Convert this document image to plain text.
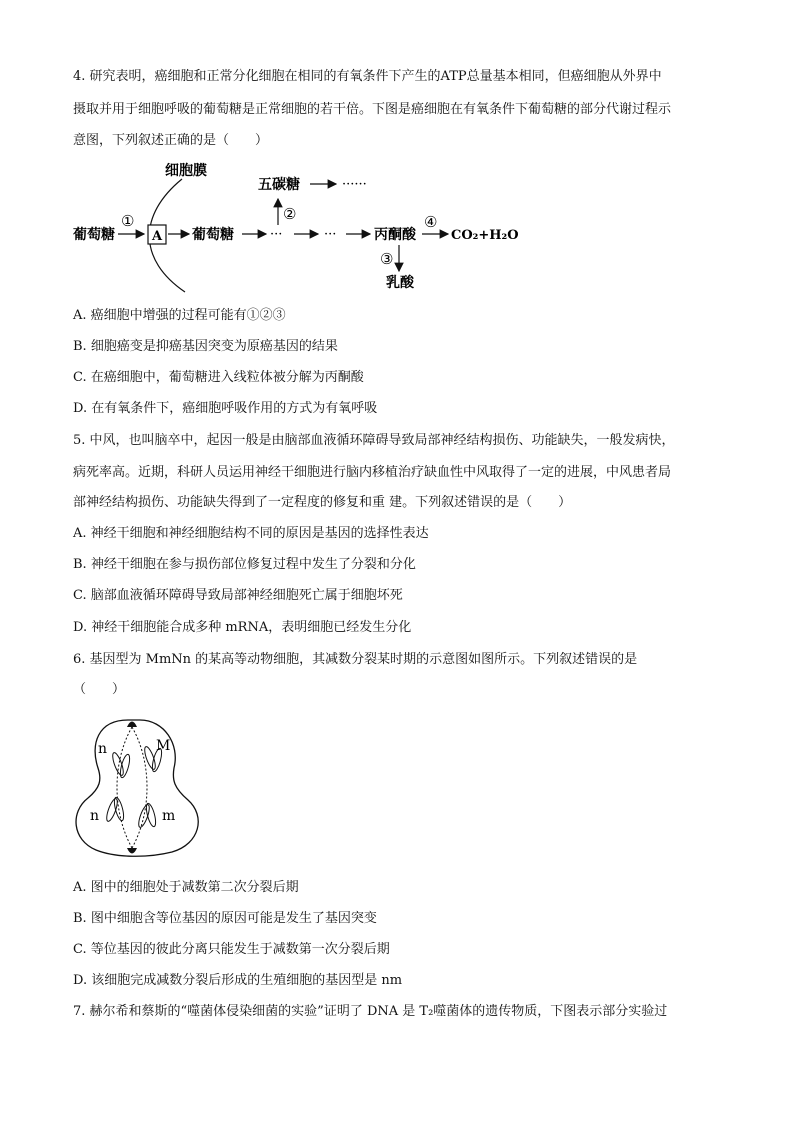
4. 研究表明，癌细胞和正常分化细胞在相同的有氧条件下产生的ATP总量基本相同，但癌细胞从外界中
摄取并用于细胞呼吸的葡萄糖是正常细胞的若干倍。下图是癌细胞在有氧条件下葡萄糖的部分代谢过程示
意图，下列叙述正确的是（　　）
细胞膜
葡萄糖
①
A 葡萄糖	···	···
②
五碳糖	······
丙酮酸
④
CO₂+H₂O
③
乳酸
A. 癌细胞中增强的过程可能有①②③
B. 细胞癌变是抑癌基因突变为原癌基因的结果
C. 在癌细胞中，葡萄糖进入线粒体被分解为丙酮酸
D. 在有氧条件下，癌细胞呼吸作用的方式为有氧呼吸
5. 中风，也叫脑卒中，起因一般是由脑部血液循环障碍导致局部神经结构损伤、功能缺失，一般发病快，
病死率高。近期，科研人员运用神经干细胞进行脑内移植治疗缺血性中风取得了一定的进展，中风患者局
部神经结构损伤、功能缺失得到了一定程度的修复和重 建。下列叙述错误的是（　　）
A. 神经干细胞和神经细胞结构不同的原因是基因的选择性表达
B. 神经干细胞在参与损伤部位修复过程中发生了分裂和分化
C. 脑部血液循环障碍导致局部神经细胞死亡属于细胞坏死
D. 神经干细胞能合成多种 mRNA，表明细胞已经发生分化
6. 基因型为 MmNn 的某高等动物细胞，其减数分裂某时期的示意图如图所示。下列叙述错误的是
（　　）
n	M
n	m
A. 图中的细胞处于减数第二次分裂后期
B. 图中细胞含等位基因的原因可能是发生了基因突变
C. 等位基因的彼此分离只能发生于减数第一次分裂后期
D. 该细胞完成减数分裂后形成的生殖细胞的基因型是 nm
7. 赫尔希和蔡斯的“噬菌体侵染细菌的实验”证明了 DNA 是 T₂噬菌体的遗传物质，下图表示部分实验过
